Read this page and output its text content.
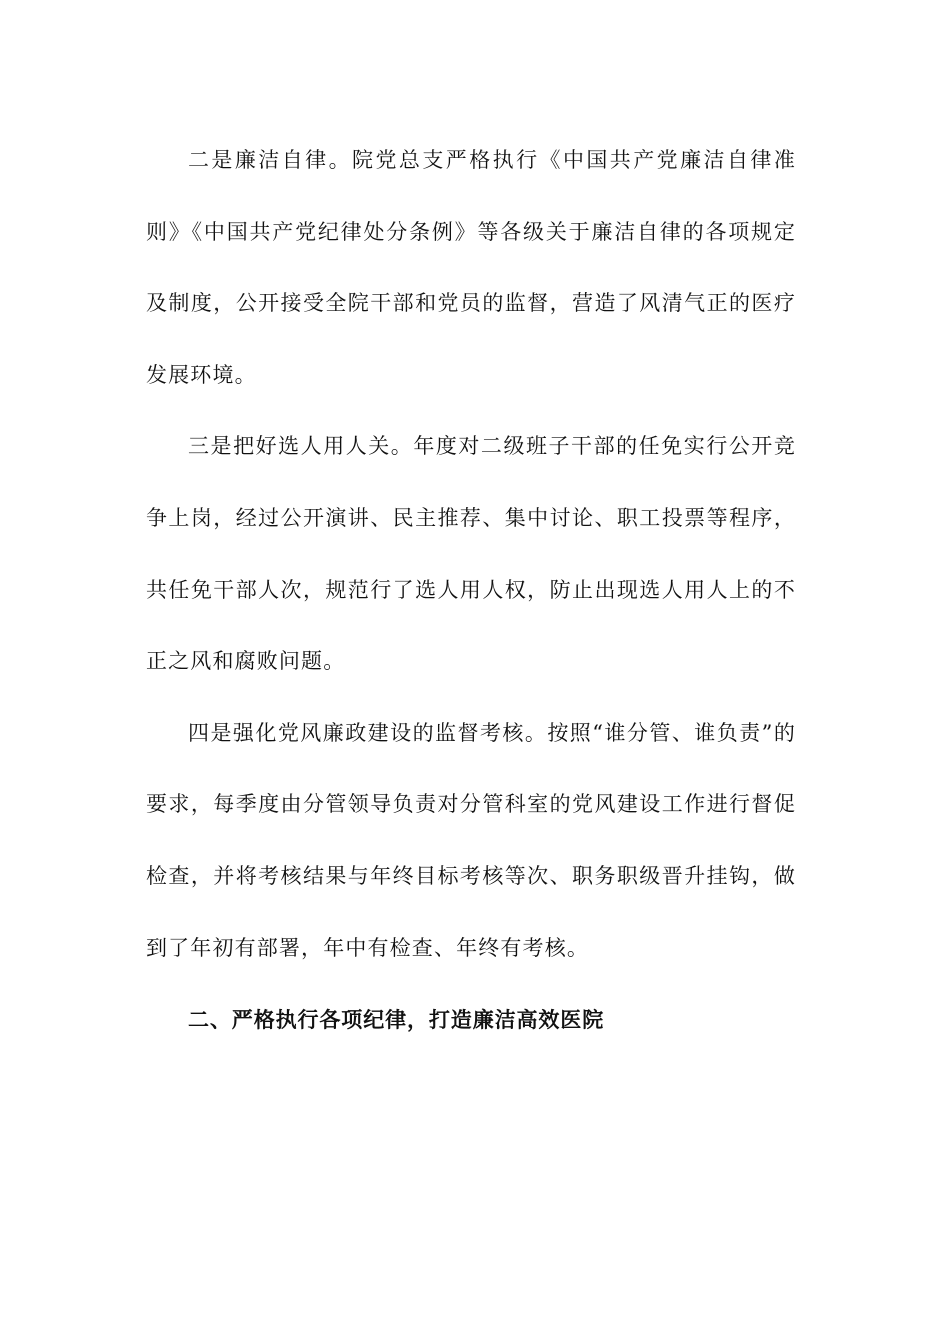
二是廉洁自律。院党总支严格执行《中国共产党廉洁自律准则》《中国共产党纪律处分条例》等各级关于廉洁自律的各项规定及制度，公开接受全院干部和党员的监督，营造了风清气正的医疗发展环境。

三是把好选人用人关。年度对二级班子干部的任免实行公开竞争上岗，经过公开演讲、民主推荐、集中讨论、职工投票等程序，共任免干部人次，规范行了选人用人权，防止出现选人用人上的不正之风和腐败问题。

四是强化党风廉政建设的监督考核。按照“谁分管、谁负责”的要求，每季度由分管领导负责对分管科室的党风建设工作进行督促检查，并将考核结果与年终目标考核等次、职务职级晋升挂钩，做到了年初有部署，年中有检查、年终有考核。

二、严格执行各项纪律，打造廉洁高效医院
